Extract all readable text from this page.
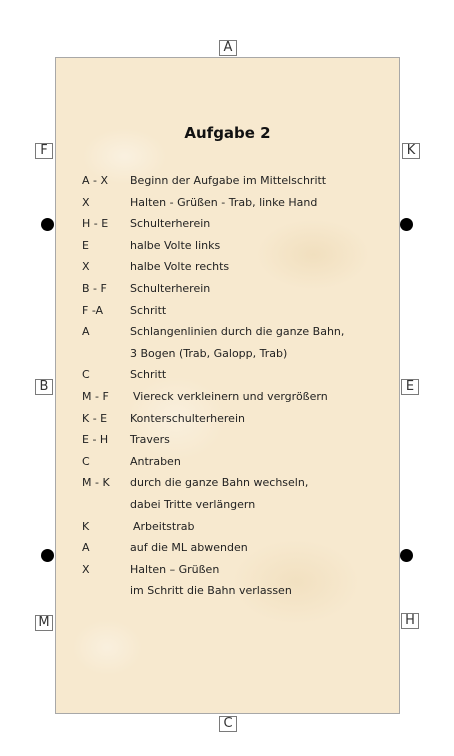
A
K
E
H
C
M
B
F
Aufgabe 2
A - X	Beginn der Aufgabe im Mittelschritt
X	Halten - Grüßen - Trab, linke Hand
H - E	Schulterherein
E	halbe Volte links
X	halbe Volte rechts
B - F	Schulterherein
F -A	Schritt
A	Schlangenlinien durch die ganze Bahn,
3 Bogen (Trab, Galopp, Trab)
C	Schritt
M - F	Viereck verkleinern und vergrößern
K - E	Konterschulterherein
E - H	Travers
C	Antraben
M - K	durch die ganze Bahn wechseln,
dabei Tritte verlängern
K	Arbeitstrab
A	auf die ML abwenden
X	Halten – Grüßen
im Schritt die Bahn verlassen
